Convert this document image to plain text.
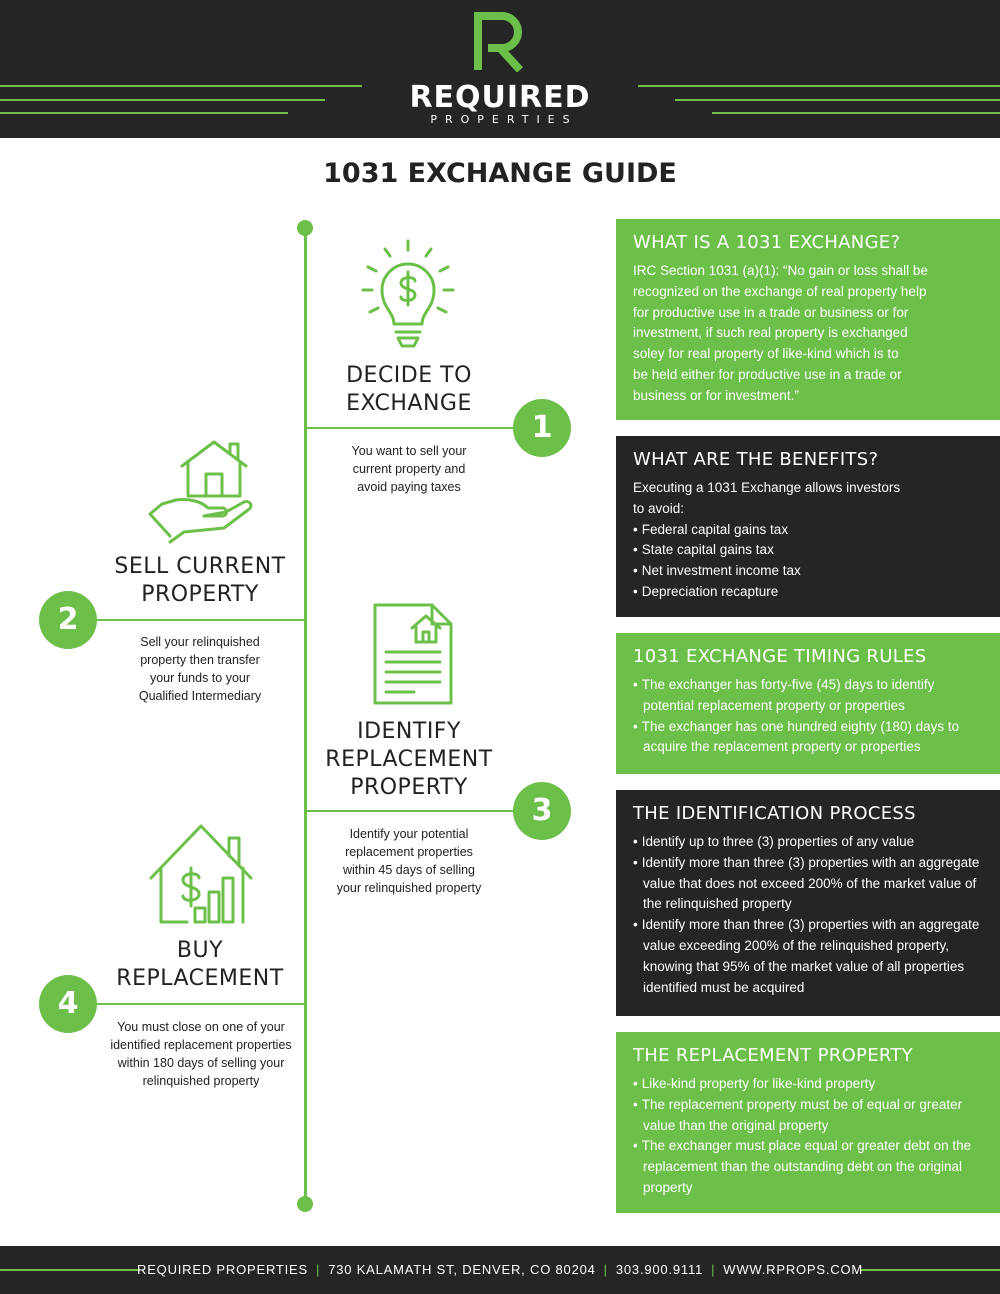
REQUIRED
PROPERTIES
1031 EXCHANGE GUIDE
1
2
3
4
DECIDE TO
EXCHANGE
You want to sell your
current property and
avoid paying taxes
SELL CURRENT
PROPERTY
Sell your relinquished
property then transfer
your funds to your
Qualified Intermediary
IDENTIFY
REPLACEMENT
PROPERTY
Identify your potential
replacement properties
within 45 days of selling
your relinquished property
BUY
REPLACEMENT
You must close on one of your
identified replacement properties
within 180 days of selling your
relinquished property
WHAT IS A 1031 EXCHANGE?

IRC Section 1031 (a)(1): “No gain or loss shall be
recognized on the exchange of real property help
for productive use in a trade or business or for
investment, if such real property is exchanged
soley for real property of like-kind which is to
be held either for productive use in a trade or
business or for investment.”

WHAT ARE THE BENEFITS?

Executing a 1031 Exchange allows investors
to avoid:

• Federal capital gains tax
• State capital gains tax
• Net investment income tax
• Depreciation recapture
1031 EXCHANGE TIMING RULES
• The exchanger has forty-five (45) days to identify potential replacement property or properties
• The exchanger has one hundred eighty (180) days to acquire the replacement property or properties
THE IDENTIFICATION PROCESS
• Identify up to three (3) properties of any value
• Identify more than three (3) properties with an aggregate value that does not exceed 200% of the market value of the relinquished property
• Identify more than three (3) properties with an aggregate value exceeding 200% of the relinquished property, knowing that 95% of the market value of all properties identified must be acquired
THE REPLACEMENT PROPERTY
• Like-kind property for like-kind property
• The replacement property must be of equal or greater value than the original property
• The exchanger must place equal or greater debt on the replacement than the outstanding debt on the original property
REQUIRED PROPERTIES | 730 KALAMATH ST, DENVER, CO 80204 | 303.900.9111 | WWW.RPROPS.COM
